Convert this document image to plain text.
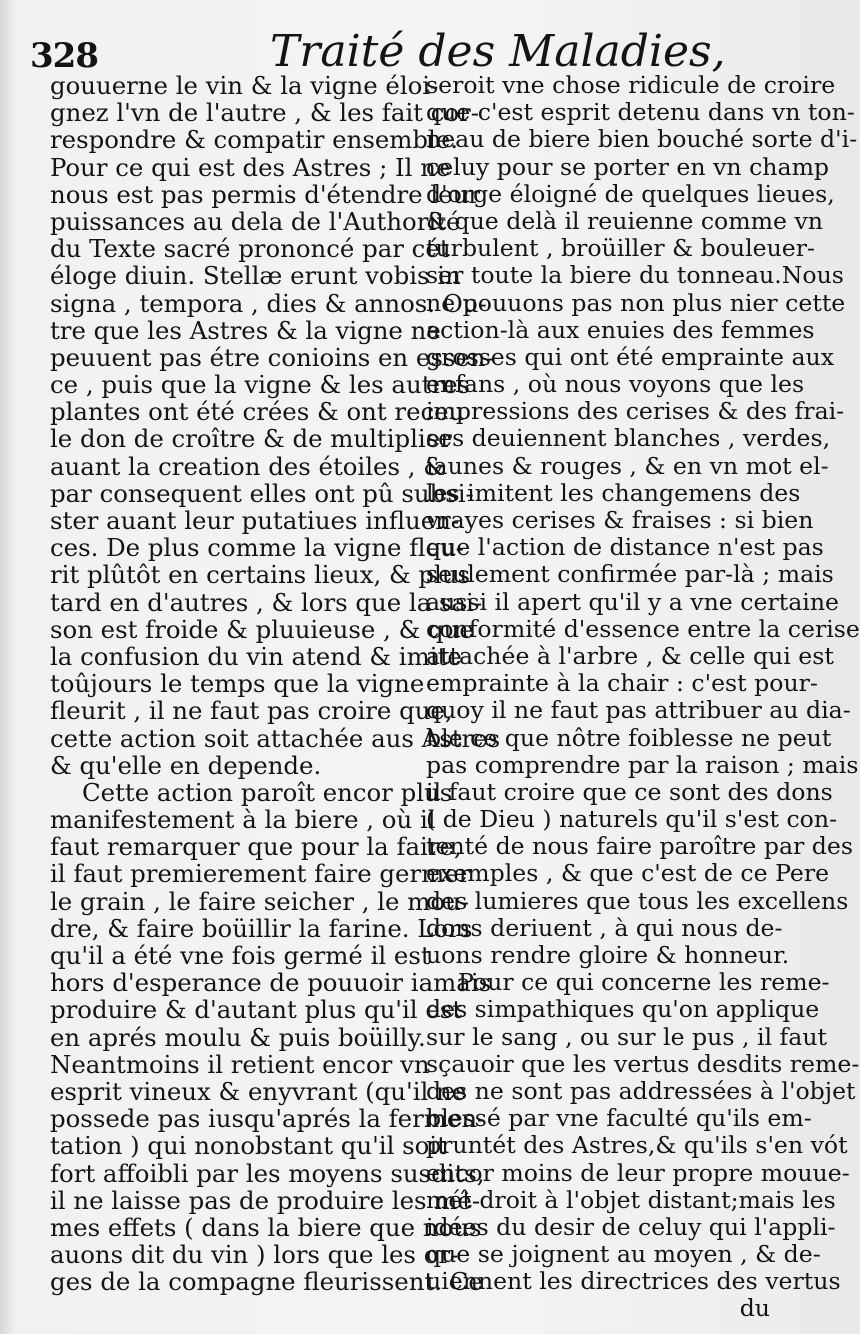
328	Traité des Maladies,
gouuerne le vin & la vigne éloi-
gnez l'vn de l'autre , & les fait cor-
respondre & compatir ensemble.
Pour ce qui est des Astres ; Il ne
nous est pas permis d'étendre leur
puissances au dela de l'Authorité
du Texte sacré prononcé par cét
éloge diuin. Stellæ erunt vobis in
signa , tempora , dies & annos. Ou-
tre que les Astres & la vigne ne
peuuent pas étre conioins en essen-
ce , puis que la vigne & les autres
plantes ont été crées & ont receu
le don de croître & de multiplier
auant la creation des étoiles , &
par consequent elles ont pû subsi-
ster auant leur putatiues influen-
ces. De plus comme la vigne fleu-
rit plûtôt en certains lieux, & plus
tard en d'autres , & lors que la sai-
son est froide & pluuieuse , & que
la confusion du vin atend & imite
toûjours le temps que la vigne
fleurit , il ne faut pas croire que,
cette action soit attachée aus Astres
& qu'elle en depende.
Cette action paroît encor plus
manifestement à la biere , où il
faut remarquer que pour la faire,
il faut premierement faire germer
le grain , le faire seicher , le mou-
dre, & faire boüillir la farine. Lors
qu'il a été vne fois germé il est
hors d'esperance de pouuoir iamais
produire & d'autant plus qu'il est
en aprés moulu & puis boüilly.
Neantmoins il retient encor vn
esprit vineux & enyvrant (qu'il ne
possede pas iusqu'aprés la fermen-
tation ) qui nonobstant qu'il soit
fort affoibli par les moyens susdits,
il ne laisse pas de produire les mê-
mes effets ( dans la biere que nous
auons dit du vin ) lors que les or-
ges de la compagne fleurissent. Ce
seroit vne chose ridicule de croire
que c'est esprit detenu dans vn ton-
neau de biere bien bouché sorte d'i-
celuy pour se porter en vn champ
d'orge éloigné de quelques lieues,
& que delà il reuienne comme vn
turbulent , broüiller & bouleuer-
ser toute la biere du tonneau.Nous
ne pouuons pas non plus nier cette
action-là aux enuies des femmes
grosses qui ont été emprainte aux
enfans , où nous voyons que les
impressions des cerises & des frai-
ses deuiennent blanches , verdes,
iaunes & rouges , & en vn mot el-
les imitent les changemens des
vrayes cerises & fraises : si bien
que l'action de distance n'est pas
seulement confirmée par-là ; mais
aussi il apert qu'il y a vne certaine
conformité d'essence entre la cerise
attachée à l'arbre , & celle qui est
emprainte à la chair : c'est pour-
quoy il ne faut pas attribuer au dia-
ble ce que nôtre foiblesse ne peut
pas comprendre par la raison ; mais
il faut croire que ce sont des dons
( de Dieu ) naturels qu'il s'est con-
tenté de nous faire paroître par des
exemples , & que c'est de ce Pere
des lumieres que tous les excellens
dons deriuent , à qui nous de-
uons rendre gloire & honneur.
Pour ce qui concerne les reme-
des simpathiques qu'on applique
sur le sang , ou sur le pus , il faut
sçauoir que les vertus desdits reme-
des ne sont pas addressées à l'objet
blessé par vne faculté qu'ils em-
pruntét des Astres,& qu'ils s'en vót
encor moins de leur propre mouue-
mét droit à l'objet distant;mais les
idées du desir de celuy qui l'appli-
que se joignent au moyen , & de-
uiennent les directrices des vertus
du
